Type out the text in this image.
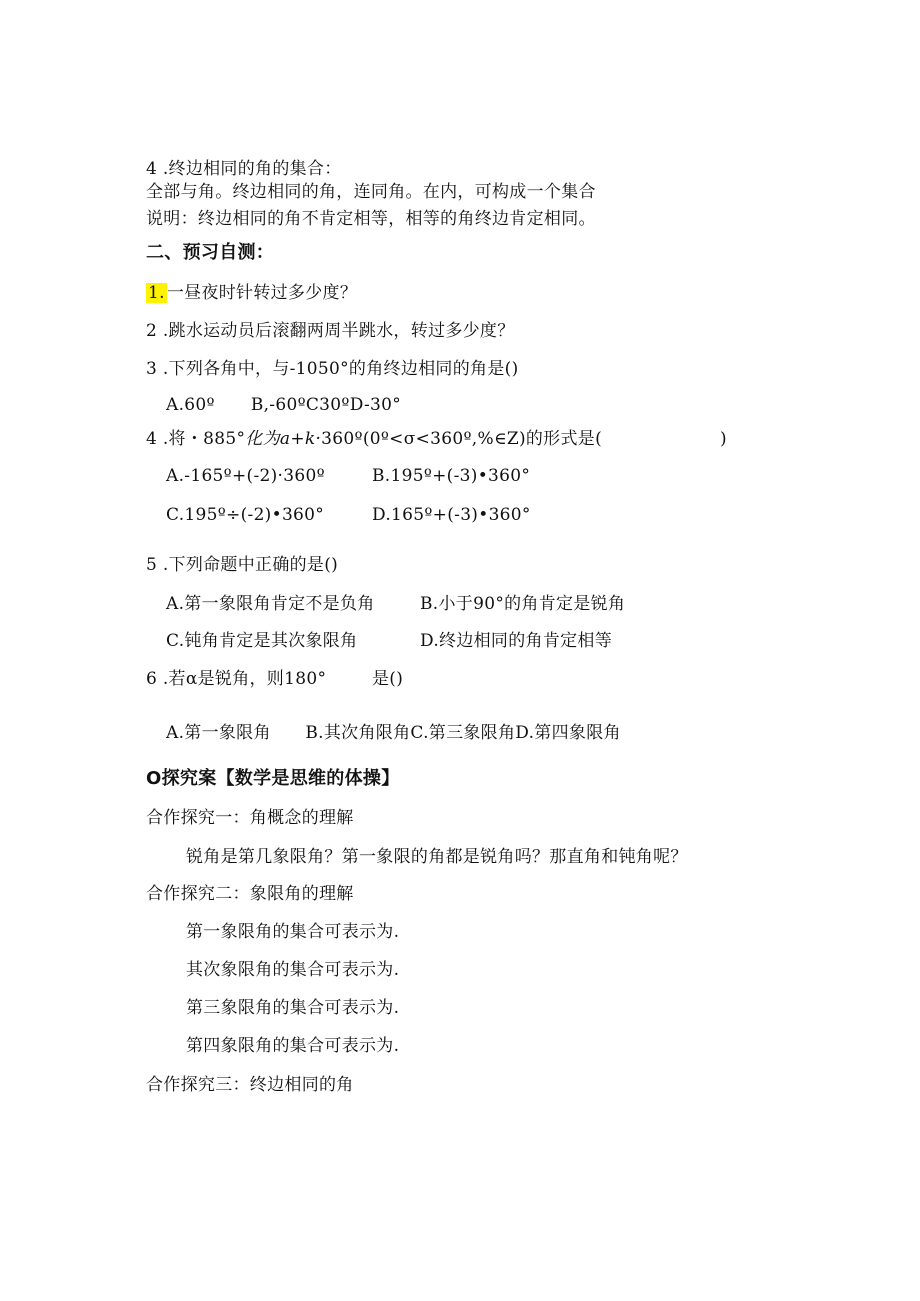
4 .终边相同的角的集合：
全部与角。终边相同的角，连同角。在内，可构成一个集合
说明：终边相同的角不肯定相等，相等的角终边肯定相同。
二、预习自测：
1. 一昼夜时针转过多少度？
2 .跳水运动员后滚翻两周半跳水，转过多少度？
3 .下列各角中，与-1050°的角终边相同的角是()
A.60º B,-60ºC30ºD-30°
4 .将・885°化为a+k·360º(0º<σ<360º,%∈Z)的形式是(	)
A.-165º+(-2)·360º	B.195º+(-3)•360°
C.195º÷(-2)•360°	D.165º+(-3)•360°
5 .下列命题中正确的是()
A.第一象限角肯定不是负角	B.小于90°的角肯定是锐角
C.钝角肯定是其次象限角	D.终边相同的角肯定相等
6 .若α是锐角，则180°	是()
A.第一象限角　　B.其次角限角C.第三象限角D.第四象限角
O探究案【数学是思维的体操】
合作探究一：角概念的理解
锐角是第几象限角？第一象限的角都是锐角吗？那直角和钝角呢？
合作探究二：象限角的理解
第一象限角的集合可表示为.
其次象限角的集合可表示为.
第三象限角的集合可表示为.
第四象限角的集合可表示为.
合作探究三：终边相同的角
